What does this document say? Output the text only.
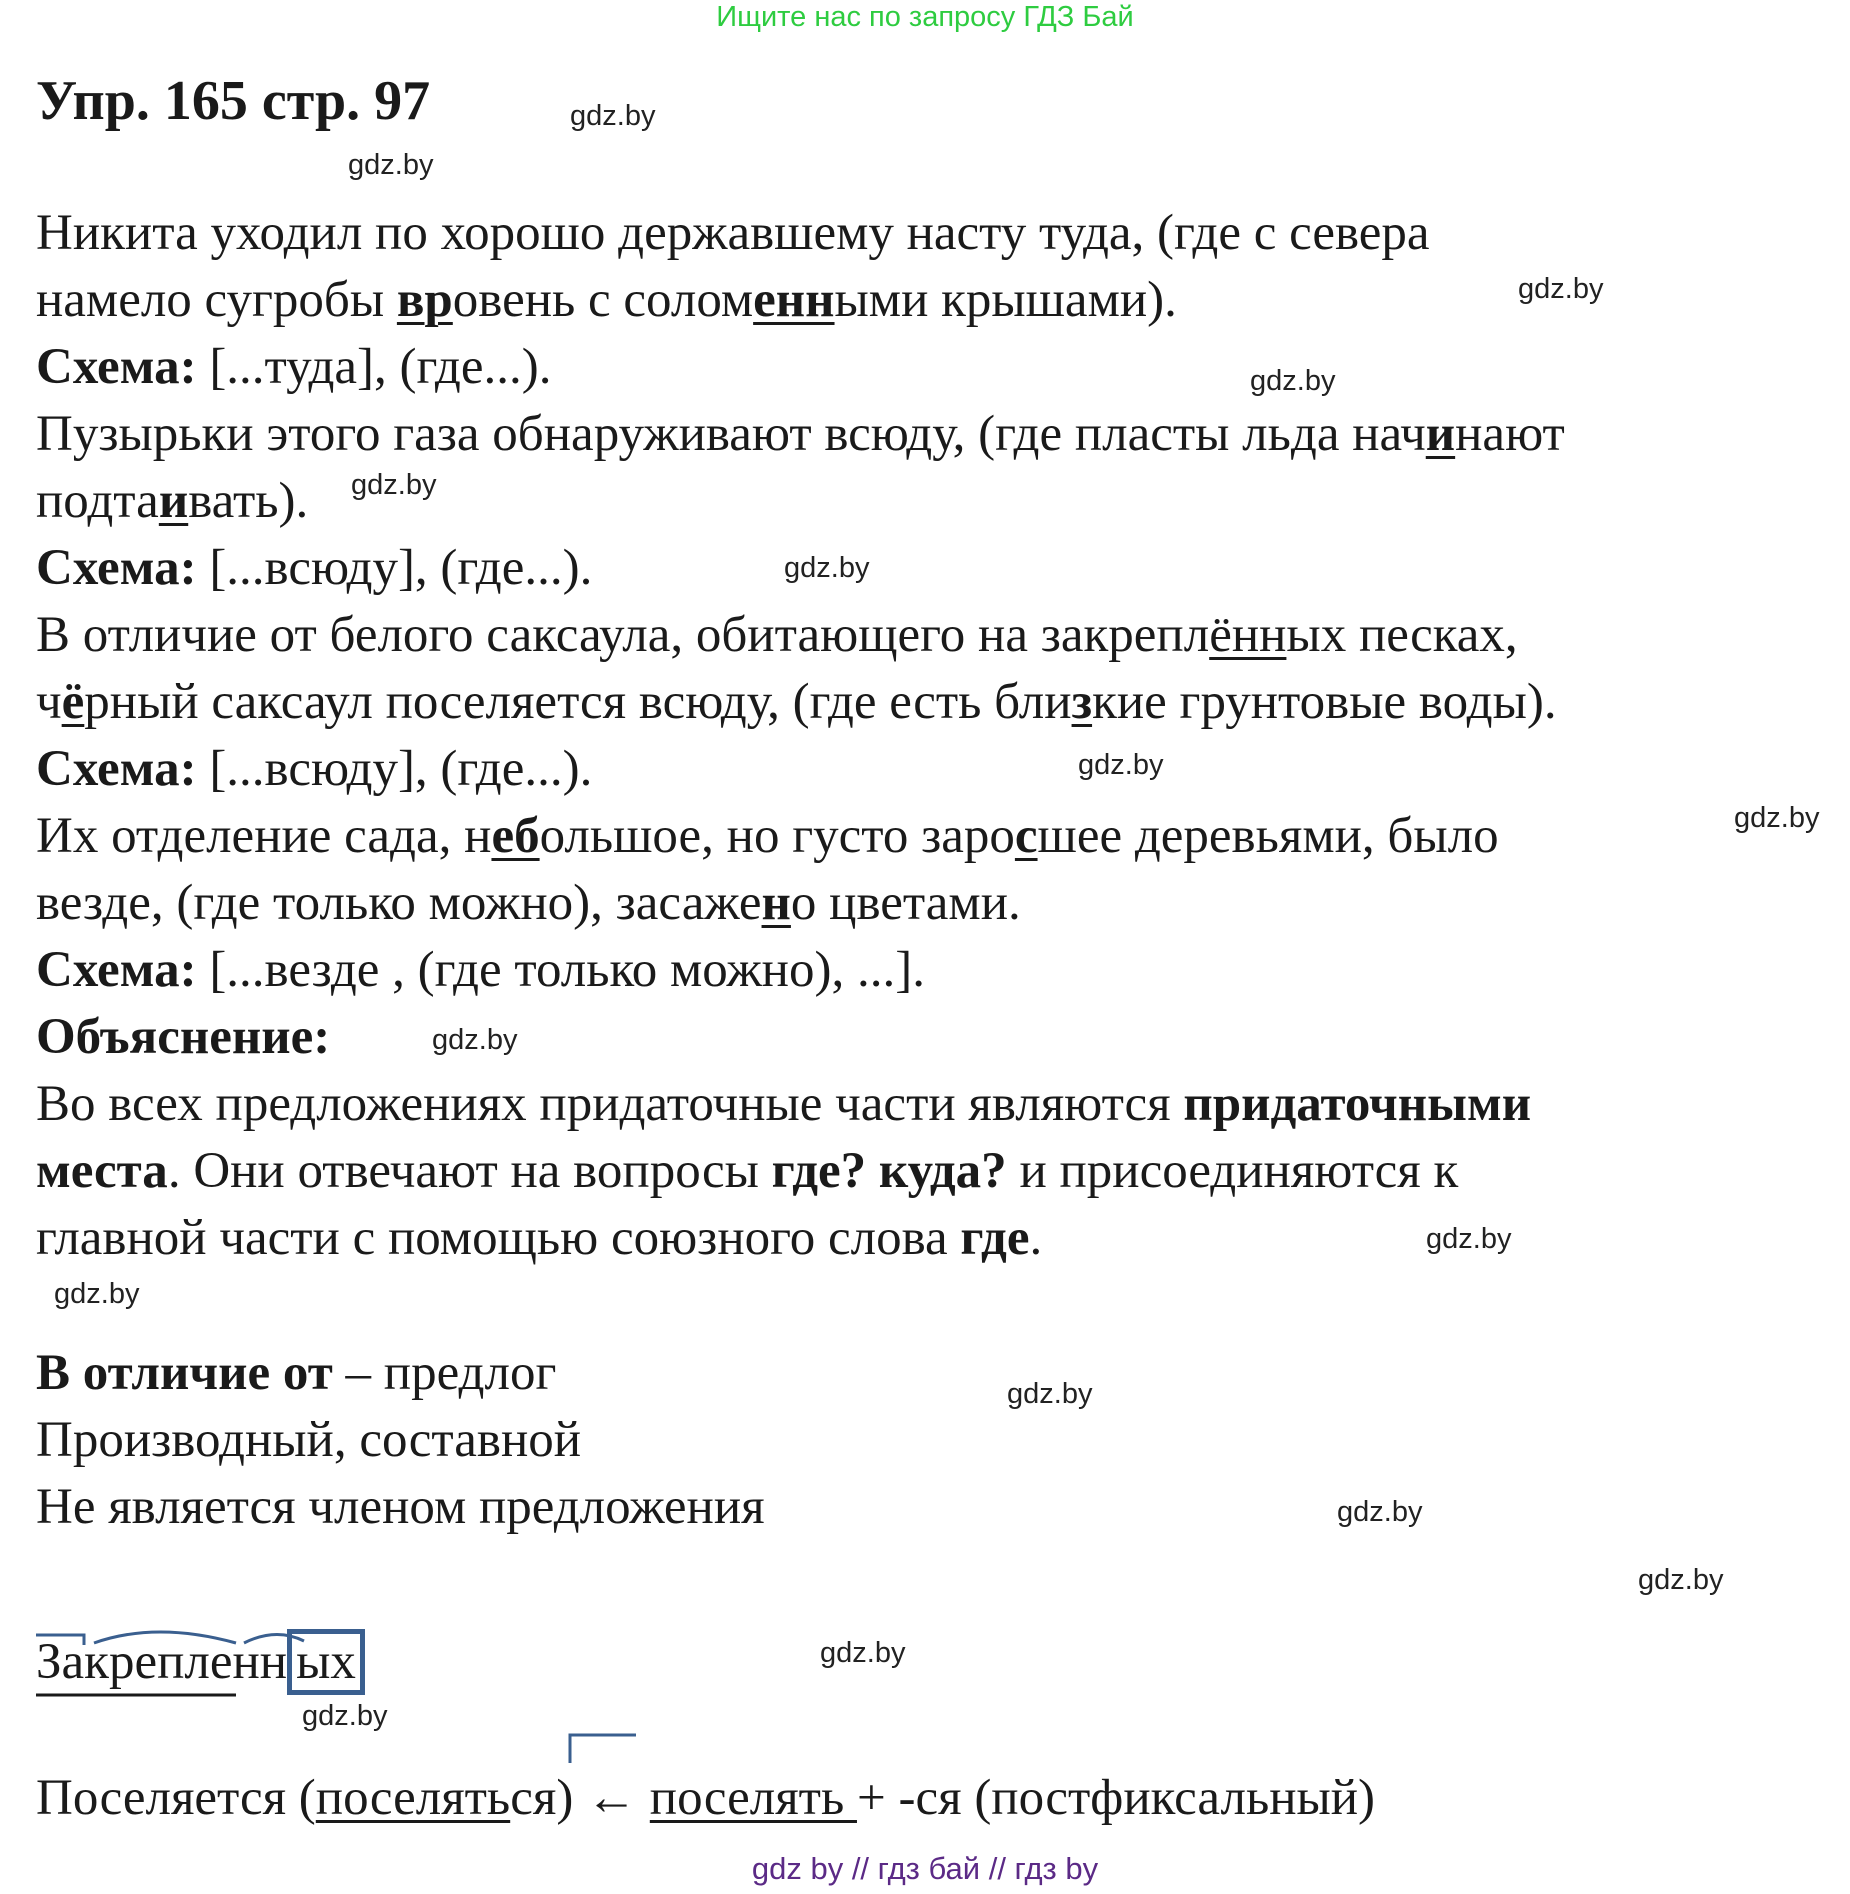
Ищите нас по запросу ГДЗ Бай
Упр. 165 стр. 97	gdz.by
gdz.by
gdz.by
gdz.by
gdz.by
gdz.by
gdz.by
gdz.by
gdz.by
gdz.by
gdz.by
gdz.by
gdz.by
gdz.by
gdz.by
gdz.by
Никита уходил по хорошо державшему насту туда, (где с севера
намело сугробы вровень с соломенными крышами).
Схема: [...туда], (где...).
Пузырьки этого газа обнаруживают всюду, (где пласты льда начинают
подтаивать).
Схема: [...всюду], (где...).
В отличие от белого саксаула, обитающего на закреплённых песках,
чёрный саксаул поселяется всюду, (где есть близкие грунтовые воды).
Схема: [...всюду], (где...).
Их отделение сада, небольшое, но густо заросшее деревьями, было
везде, (где только можно), засажено цветами.
Схема: [...везде , (где только можно), ...].
Объяснение:
Во всех предложениях придаточные части являются придаточными
места. Они отвечают на вопросы где? куда? и присоединяются к
главной части с помощью союзного слова где.
В отличие от – предлог
Производный, составной
Не является членом предложения
Закрепленн ых
Поселяется (поселяться) ← поселять + -ся (постфиксальный)
gdz by // гдз бай // гдз by
